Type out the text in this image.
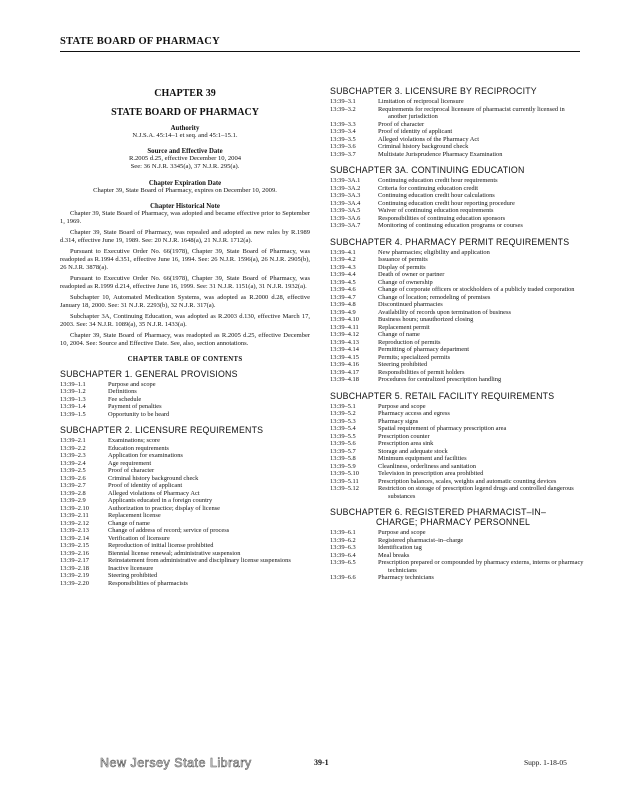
STATE BOARD OF PHARMACY

CHAPTER 39

STATE BOARD OF PHARMACY

Authority

N.J.S.A. 45:14–1 et seq. and 45:1–15.1.

Source and Effective Date

R.2005 d.25, effective December 10, 2004

See: 36 N.J.R. 3345(a), 37 N.J.R. 295(a).

Chapter Expiration Date

Chapter 39, State Board of Pharmacy, expires on December 10, 2009.

Chapter Historical Note

Chapter 39, State Board of Pharmacy, was adopted and became effective prior to September 1, 1969.

Chapter 39, State Board of Pharmacy, was repealed and adopted as new rules by R.1989 d.314, effective June 19, 1989. See: 20 N.J.R. 1648(a), 21 N.J.R. 1712(a).

Pursuant to Executive Order No. 66(1978), Chapter 39, State Board of Pharmacy, was readopted as R.1994 d.351, effective June 16, 1994. See: 26 N.J.R. 1596(a), 26 N.J.R. 2905(b), 26 N.J.R. 3878(a).

Pursuant to Executive Order No. 66(1978), Chapter 39, State Board of Pharmacy, was readopted as R.1999 d.214, effective June 16, 1999. See: 31 N.J.R. 1151(a), 31 N.J.R. 1932(a).

Subchapter 10, Automated Medication Systems, was adopted as R.2000 d.28, effective January 18, 2000. See: 31 N.J.R. 2293(b), 32 N.J.R. 317(a).

Subchapter 3A, Continuing Education, was adopted as R.2003 d.130, effective March 17, 2003. See: 34 N.J.R. 1089(a), 35 N.J.R. 1433(a).

Chapter 39, State Board of Pharmacy, was readopted as R.2005 d.25, effective December 10, 2004. See: Source and Effective Date. See, also, section annotations.

CHAPTER TABLE OF CONTENTS

SUBCHAPTER 1. GENERAL PROVISIONS

13:39–1.1	Purpose and scope
13:39–1.2	Definitions
13:39–1.3	Fee schedule
13:39–1.4	Payment of penalties
13:39–1.5	Opportunity to be heard

SUBCHAPTER 2. LICENSURE REQUIREMENTS

13:39–2.1	Examinations; score
13:39–2.2	Education requirements
13:39–2.3	Application for examinations
13:39–2.4	Age requirement
13:39–2.5	Proof of character
13:39–2.6	Criminal history background check
13:39–2.7	Proof of identity of applicant
13:39–2.8	Alleged violations of Pharmacy Act
13:39–2.9	Applicants educated in a foreign country
13:39–2.10	Authorization to practice; display of license
13:39–2.11	Replacement license
13:39–2.12	Change of name
13:39–2.13	Change of address of record; service of process
13:39–2.14	Verification of licensure
13:39–2.15	Reproduction of initial license prohibited
13:39–2.16	Biennial license renewal; administrative suspension
13:39–2.17	Reinstatement from administrative and disciplinary license suspensions
13:39–2.18	Inactive licensure
13:39–2.19	Steering prohibited
13:39–2.20	Responsibilities of pharmacists

SUBCHAPTER 3. LICENSURE BY RECIPROCITY

13:39–3.1	Limitation of reciprocal licensure
13:39–3.2	Requirements for reciprocal licensure of pharmacist currently licensed in another jurisdiction
13:39–3.3	Proof of character
13:39–3.4	Proof of identity of applicant
13:39–3.5	Alleged violations of the Pharmacy Act
13:39–3.6	Criminal history background check
13:39–3.7	Multistate Jurisprudence Pharmacy Examination

SUBCHAPTER 3A. CONTINUING EDUCATION

13:39–3A.1	Continuing education credit hour requirements
13:39–3A.2	Criteria for continuing education credit
13:39–3A.3	Continuing education credit hour calculations
13:39–3A.4	Continuing education credit hour reporting procedure
13:39–3A.5	Waiver of continuing education requirements
13:39–3A.6	Responsibilities of continuing education sponsors
13:39–3A.7	Monitoring of continuing education programs or courses

SUBCHAPTER 4. PHARMACY PERMIT REQUIREMENTS

13:39–4.1	New pharmacies; eligibility and application
13:39–4.2	Issuance of permits
13:39–4.3	Display of permits
13:39–4.4	Death of owner or partner
13:39–4.5	Change of ownership
13:39–4.6	Change of corporate officers or stockholders of a publicly traded corporation
13:39–4.7	Change of location; remodeling of premises
13:39–4.8	Discontinued pharmacies
13:39–4.9	Availability of records upon termination of business
13:39–4.10	Business hours; unauthorized closing
13:39–4.11	Replacement permit
13:39–4.12	Change of name
13:39–4.13	Reproduction of permits
13:39–4.14	Permitting of pharmacy department
13:39–4.15	Permits; specialized permits
13:39–4.16	Steering prohibited
13:39–4.17	Responsibilities of permit holders
13:39–4.18	Procedures for centralized prescription handling

SUBCHAPTER 5. RETAIL FACILITY REQUIREMENTS

13:39–5.1	Purpose and scope
13:39–5.2	Pharmacy access and egress
13:39–5.3	Pharmacy signs
13:39–5.4	Spatial requirement of pharmacy prescription area
13:39–5.5	Prescription counter
13:39–5.6	Prescription area sink
13:39–5.7	Storage and adequate stock
13:39–5.8	Minimum equipment and facilities
13:39–5.9	Cleanliness, orderliness and sanitation
13:39–5.10	Television in prescription area prohibited
13:39–5.11	Prescription balances, scales, weights and automatic counting devices
13:39–5.12	Restriction on storage of prescription legend drugs and controlled dangerous substances

SUBCHAPTER 6. REGISTERED PHARMACIST–IN–CHARGE; PHARMACY PERSONNEL

13:39–6.1	Purpose and scope
13:39–6.2	Registered pharmacist–in–charge
13:39–6.3	Identification tag
13:39–6.4	Meal breaks
13:39–6.5	Prescription prepared or compounded by pharmacy externs, interns or pharmacy technicians
13:39–6.6	Pharmacy technicians
New Jersey State Library	39-1	Supp. 1-18-05
